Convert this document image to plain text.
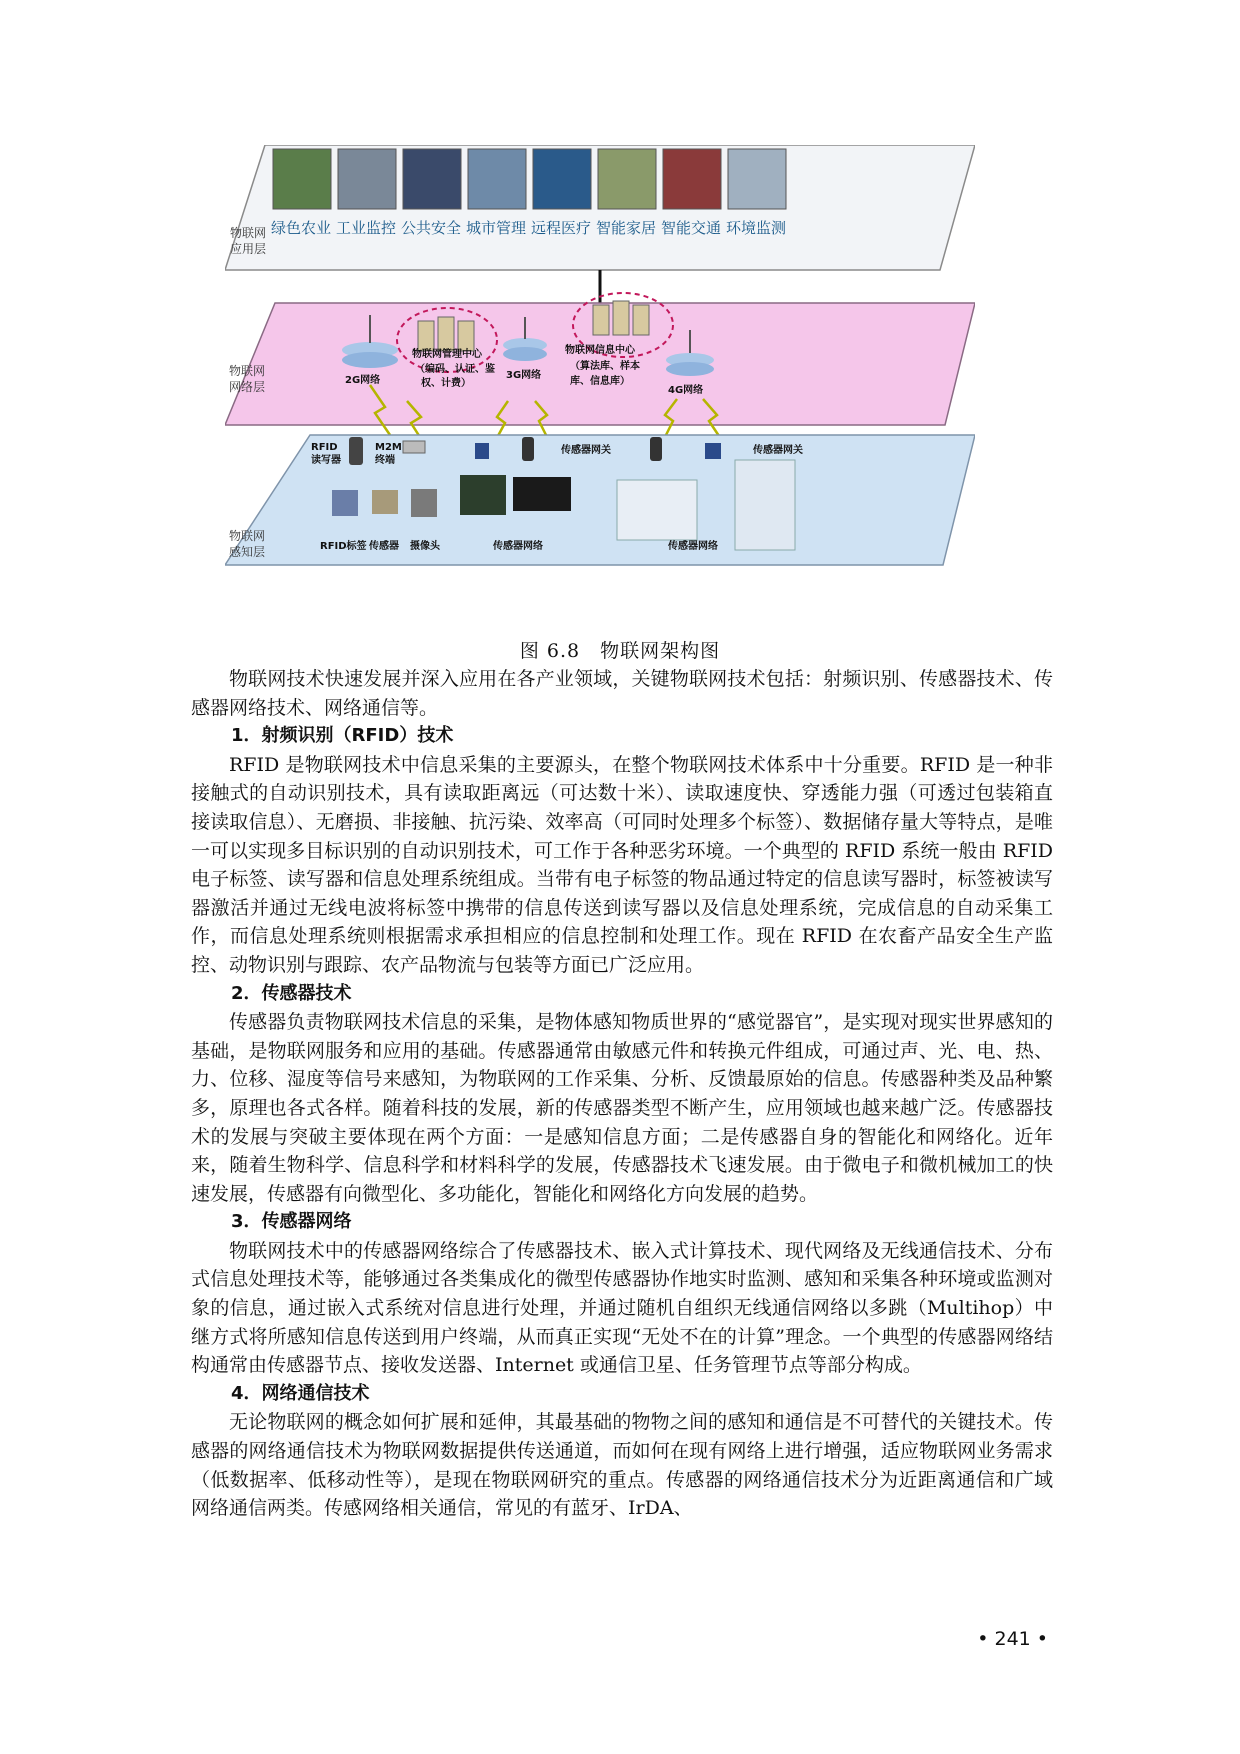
物联网应用层
绿色农业 工业监控 公共安全 城市管理 远程医疗 智能家居 智能交通 环境监测
物联网网络层	2G网络
物联网管理中心
（编码、认证、鉴
权、计费）
3G网络
物联网信息中心
（算法库、样本
库、信息库）
4G网络
物联网感知层
RFID 读写器
M2M 终端
传感器网关	传感器网关
RFID标签 传感器 摄像头	传感器网络	传感器网络
图 6.8　物联网架构图

物联网技术快速发展并深入应用在各产业领域，关键物联网技术包括：射频识别、传感器技术、传感器网络技术、网络通信等。

1．射频识别（RFID）技术

RFID 是物联网技术中信息采集的主要源头，在整个物联网技术体系中十分重要。RFID 是一种非接触式的自动识别技术，具有读取距离远（可达数十米）、读取速度快、穿透能力强（可透过包装箱直接读取信息）、无磨损、非接触、抗污染、效率高（可同时处理多个标签）、数据储存量大等特点，是唯一可以实现多目标识别的自动识别技术，可工作于各种恶劣环境。一个典型的 RFID 系统一般由 RFID 电子标签、读写器和信息处理系统组成。当带有电子标签的物品通过特定的信息读写器时，标签被读写器激活并通过无线电波将标签中携带的信息传送到读写器以及信息处理系统，完成信息的自动采集工作，而信息处理系统则根据需求承担相应的信息控制和处理工作。现在 RFID 在农畜产品安全生产监控、动物识别与跟踪、农产品物流与包装等方面已广泛应用。

2．传感器技术

传感器负责物联网技术信息的采集，是物体感知物质世界的“感觉器官”，是实现对现实世界感知的基础，是物联网服务和应用的基础。传感器通常由敏感元件和转换元件组成，可通过声、光、电、热、力、位移、湿度等信号来感知，为物联网的工作采集、分析、反馈最原始的信息。传感器种类及品种繁多，原理也各式各样。随着科技的发展，新的传感器类型不断产生，应用领域也越来越广泛。传感器技术的发展与突破主要体现在两个方面：一是感知信息方面；二是传感器自身的智能化和网络化。近年来，随着生物科学、信息科学和材料科学的发展，传感器技术飞速发展。由于微电子和微机械加工的快速发展，传感器有向微型化、多功能化，智能化和网络化方向发展的趋势。

3．传感器网络

物联网技术中的传感器网络综合了传感器技术、嵌入式计算技术、现代网络及无线通信技术、分布式信息处理技术等，能够通过各类集成化的微型传感器协作地实时监测、感知和采集各种环境或监测对象的信息，通过嵌入式系统对信息进行处理，并通过随机自组织无线通信网络以多跳（Multihop）中继方式将所感知信息传送到用户终端，从而真正实现“无处不在的计算”理念。一个典型的传感器网络结构通常由传感器节点、接收发送器、Internet 或通信卫星、任务管理节点等部分构成。

4．网络通信技术

无论物联网的概念如何扩展和延伸，其最基础的物物之间的感知和通信是不可替代的关键技术。传感器的网络通信技术为物联网数据提供传送通道，而如何在现有网络上进行增强，适应物联网业务需求（低数据率、低移动性等），是现在物联网研究的重点。传感器的网络通信技术分为近距离通信和广域网络通信两类。传感网络相关通信，常见的有蓝牙、IrDA、

• 241 •
